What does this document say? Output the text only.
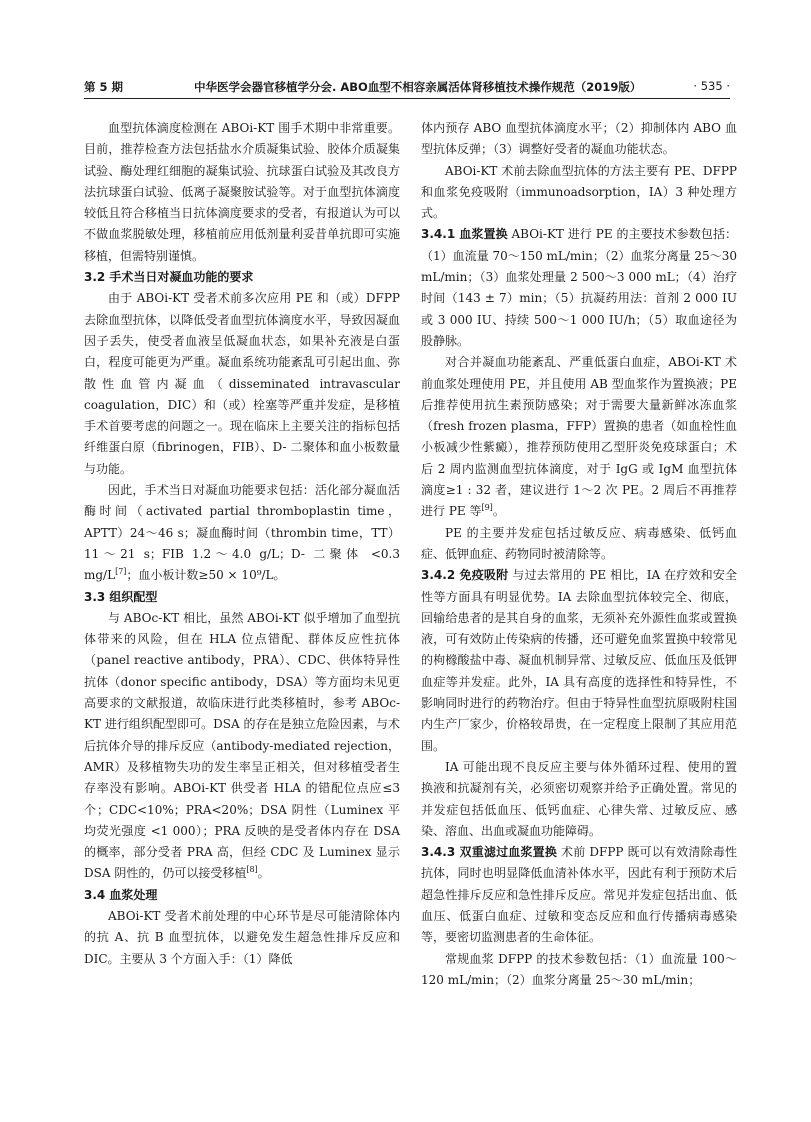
第 5 期	中华医学会器官移植学分会. ABO血型不相容亲属活体肾移植技术操作规范（2019版）	· 535 ·

血型抗体滴度检测在 ABOi-KT 围手术期中非常重要。目前，推荐检查方法包括盐水介质凝集试验、胶体介质凝集试验、酶处理红细胞的凝集试验、抗球蛋白试验及其改良方法抗球蛋白试验、低离子凝聚胺试验等。对于血型抗体滴度较低且符合移植当日抗体滴度要求的受者，有报道认为可以不做血浆脱敏处理，移植前应用低剂量利妥昔单抗即可实施移植，但需特别谨慎。

3.2 手术当日对凝血功能的要求

由于 ABOi-KT 受者术前多次应用 PE 和（或）DFPP 去除血型抗体，以降低受者血型抗体滴度水平，导致因凝血因子丢失，使受者血液呈低凝血状态，如果补充液是白蛋白，程度可能更为严重。凝血系统功能紊乱可引起出血、弥散性血管内凝血（disseminated intravascular coagulation，DIC）和（或）栓塞等严重并发症，是移植手术首要考虑的问题之一。现在临床上主要关注的指标包括纤维蛋白原（fibrinogen，FIB）、D- 二聚体和血小板数量与功能。

因此，手术当日对凝血功能要求包括：活化部分凝血活酶时间（activated partial thromboplastin time，APTT）24～46 s；凝血酶时间（thrombin time，TT）11～21 s；FIB 1.2～4.0 g/L；D- 二聚体 <0.3 mg/L[7]；血小板计数≥50 × 10⁹/L。

3.3 组织配型

与 ABOc-KT 相比，虽然 ABOi-KT 似乎增加了血型抗体带来的风险，但在 HLA 位点错配、群体反应性抗体（panel reactive antibody，PRA）、CDC、供体特异性抗体（donor specific antibody，DSA）等方面均未见更高要求的文献报道，故临床进行此类移植时，参考 ABOc-KT 进行组织配型即可。DSA 的存在是独立危险因素，与术后抗体介导的排斥反应（antibody-mediated rejection，AMR）及移植物失功的发生率呈正相关，但对移植受者生存率没有影响。ABOi-KT 供受者 HLA 的错配位点应≤3 个；CDC<10%；PRA<20%；DSA 阴性（Luminex 平均荧光强度 <1 000）；PRA 反映的是受者体内存在 DSA 的概率，部分受者 PRA 高，但经 CDC 及 Luminex 显示 DSA 阴性的，仍可以接受移植[8]。

3.4 血浆处理

ABOi-KT 受者术前处理的中心环节是尽可能清除体内的抗 A、抗 B 血型抗体，以避免发生超急性排斥反应和 DIC。主要从 3 个方面入手：（1）降低

体内预存 ABO 血型抗体滴度水平；（2）抑制体内 ABO 血型抗体反弹；（3）调整好受者的凝血功能状态。

ABOi-KT 术前去除血型抗体的方法主要有 PE、DFPP 和血浆免疫吸附（immunoadsorption，IA）3 种处理方式。

3.4.1 血浆置换 ABOi-KT 进行 PE 的主要技术参数包括：（1）血流量 70～150 mL/min；（2）血浆分离量 25～30 mL/min；（3）血浆处理量 2 500～3 000 mL；（4）治疗时间（143 ± 7）min；（5）抗凝药用法：首剂 2 000 IU 或 3 000 IU、持续 500～1 000 IU/h；（5）取血途径为股静脉。

对合并凝血功能紊乱、严重低蛋白血症，ABOi-KT 术前血浆处理使用 PE，并且使用 AB 型血浆作为置换液；PE 后推荐使用抗生素预防感染；对于需要大量新鲜冰冻血浆（fresh frozen plasma，FFP）置换的患者（如血栓性血小板减少性紫癜），推荐预防使用乙型肝炎免疫球蛋白；术后 2 周内监测血型抗体滴度，对于 IgG 或 IgM 血型抗体滴度≥1 : 32 者，建议进行 1～2 次 PE。2 周后不再推荐进行 PE 等[9]。

PE 的主要并发症包括过敏反应、病毒感染、低钙血症、低钾血症、药物同时被清除等。

3.4.2 免疫吸附 与过去常用的 PE 相比，IA 在疗效和安全性等方面具有明显优势。IA 去除血型抗体较完全、彻底，回输给患者的是其自身的血浆，无须补充外源性血浆或置换液，可有效防止传染病的传播，还可避免血浆置换中较常见的枸橼酸盐中毒、凝血机制异常、过敏反应、低血压及低钾血症等并发症。此外，IA 具有高度的选择性和特异性，不影响同时进行的药物治疗。但由于特异性血型抗原吸附柱国内生产厂家少，价格较昂贵，在一定程度上限制了其应用范围。

IA 可能出现不良反应主要与体外循环过程、使用的置换液和抗凝剂有关，必须密切观察并给予正确处置。常见的并发症包括低血压、低钙血症、心律失常、过敏反应、感染、溶血、出血或凝血功能障碍。

3.4.3 双重滤过血浆置换 术前 DFPP 既可以有效清除毒性抗体，同时也明显降低血清补体水平，因此有利于预防术后超急性排斥反应和急性排斥反应。常见并发症包括出血、低血压、低蛋白血症、过敏和变态反应和血行传播病毒感染等，要密切监测患者的生命体征。

常规血浆 DFPP 的技术参数包括：（1）血流量 100～120 mL/min；（2）血浆分离量 25～30 mL/min；
